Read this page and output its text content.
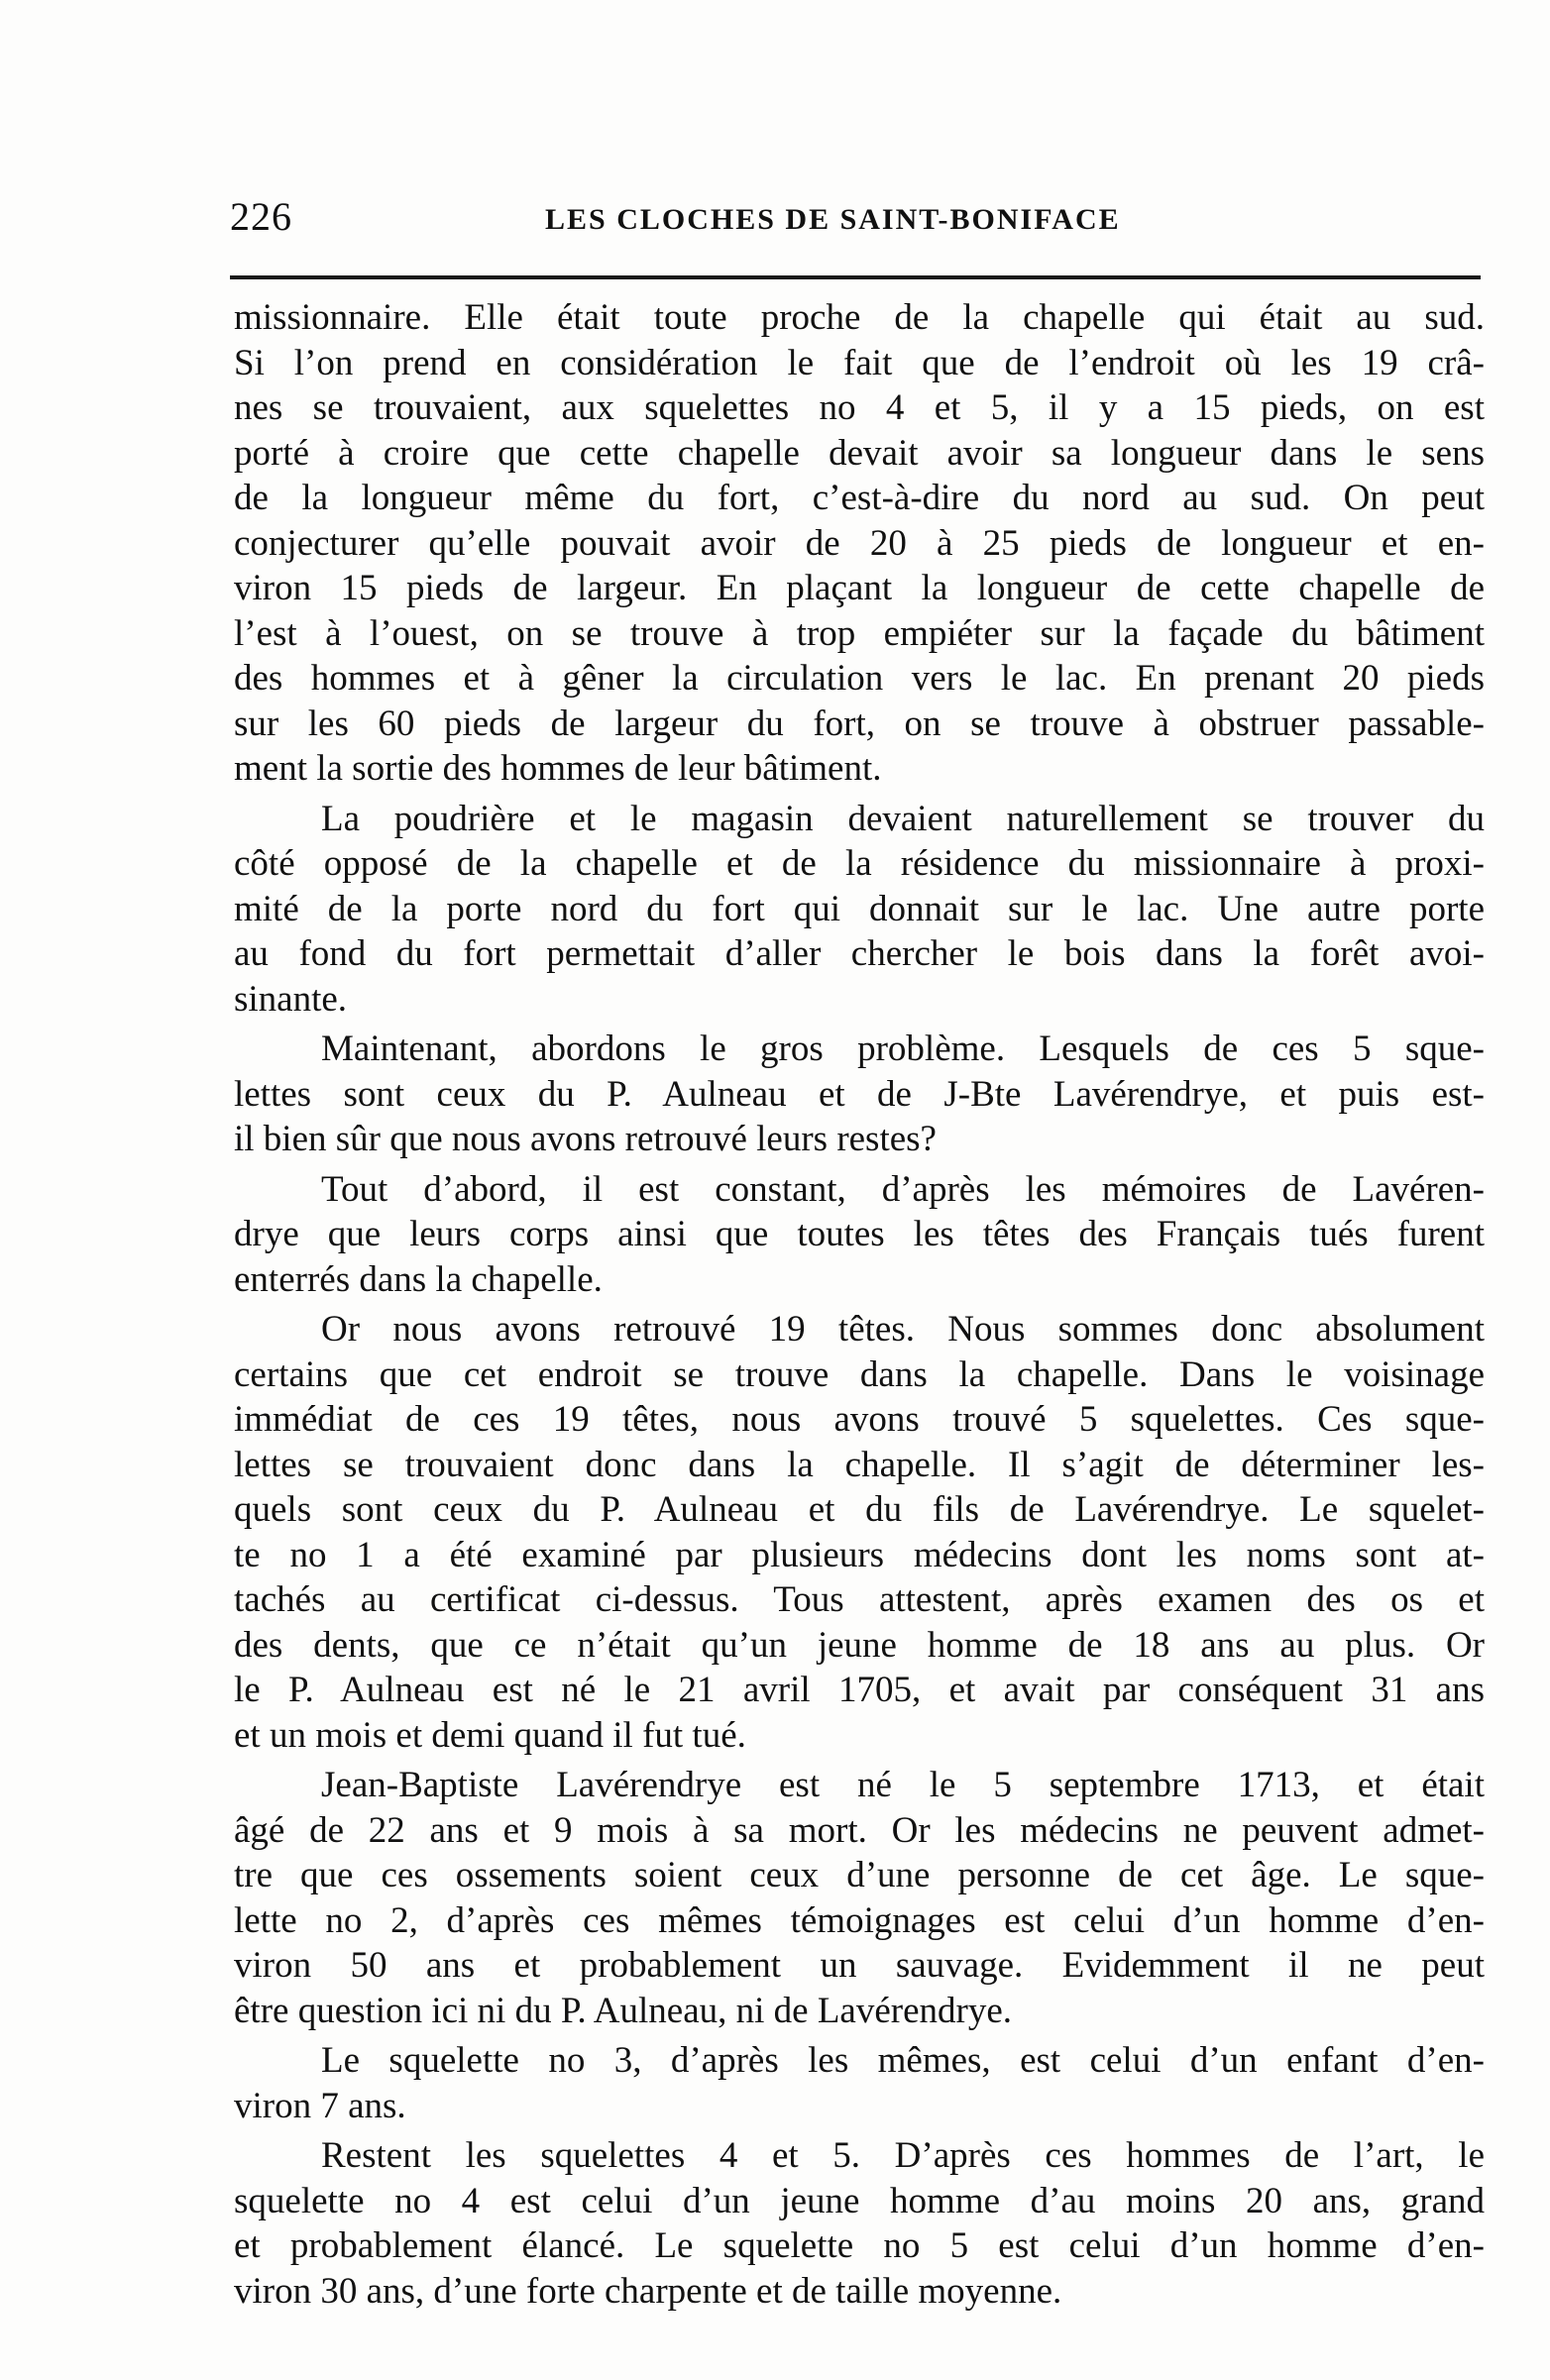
226	LES CLOCHES DE SAINT-BONIFACE
missionnaire. Elle était toute proche de la chapelle qui était au sud.
Si l’on prend en considération le fait que de l’endroit où les 19 crâ-
nes se trouvaient, aux squelettes no 4 et 5, il y a 15 pieds, on est
porté à croire que cette chapelle devait avoir sa longueur dans le sens
de la longueur même du fort, c’est-à-dire du nord au sud. On peut
conjecturer qu’elle pouvait avoir de 20 à 25 pieds de longueur et en-
viron 15 pieds de largeur. En plaçant la longueur de cette chapelle de
l’est à l’ouest, on se trouve à trop empiéter sur la façade du bâtiment
des hommes et à gêner la circulation vers le lac. En prenant 20 pieds
sur les 60 pieds de largeur du fort, on se trouve à obstruer passable-
ment la sortie des hommes de leur bâtiment.
La poudrière et le magasin devaient naturellement se trouver du
côté opposé de la chapelle et de la résidence du missionnaire à proxi-
mité de la porte nord du fort qui donnait sur le lac. Une autre porte
au fond du fort permettait d’aller chercher le bois dans la forêt avoi-
sinante.
Maintenant, abordons le gros problème. Lesquels de ces 5 sque-
lettes sont ceux du P. Aulneau et de J-Bte Lavérendrye, et puis est-
il bien sûr que nous avons retrouvé leurs restes?
Tout d’abord, il est constant, d’après les mémoires de Lavéren-
drye que leurs corps ainsi que toutes les têtes des Français tués furent
enterrés dans la chapelle.
Or nous avons retrouvé 19 têtes. Nous sommes donc absolument
certains que cet endroit se trouve dans la chapelle. Dans le voisinage
immédiat de ces 19 têtes, nous avons trouvé 5 squelettes. Ces sque-
lettes se trouvaient donc dans la chapelle. Il s’agit de déterminer les-
quels sont ceux du P. Aulneau et du fils de Lavérendrye. Le squelet-
te no 1 a été examiné par plusieurs médecins dont les noms sont at-
tachés au certificat ci-dessus. Tous attestent, après examen des os et
des dents, que ce n’était qu’un jeune homme de 18 ans au plus. Or
le P. Aulneau est né le 21 avril 1705, et avait par conséquent 31 ans
et un mois et demi quand il fut tué.
Jean-Baptiste Lavérendrye est né le 5 septembre 1713, et était
âgé de 22 ans et 9 mois à sa mort. Or les médecins ne peuvent admet-
tre que ces ossements soient ceux d’une personne de cet âge. Le sque-
lette no 2, d’après ces mêmes témoignages est celui d’un homme d’en-
viron 50 ans et probablement un sauvage. Evidemment il ne peut
être question ici ni du P. Aulneau, ni de Lavérendrye.
Le squelette no 3, d’après les mêmes, est celui d’un enfant d’en-
viron 7 ans.
Restent les squelettes 4 et 5. D’après ces hommes de l’art, le
squelette no 4 est celui d’un jeune homme d’au moins 20 ans, grand
et probablement élancé. Le squelette no 5 est celui d’un homme d’en-
viron 30 ans, d’une forte charpente et de taille moyenne.
